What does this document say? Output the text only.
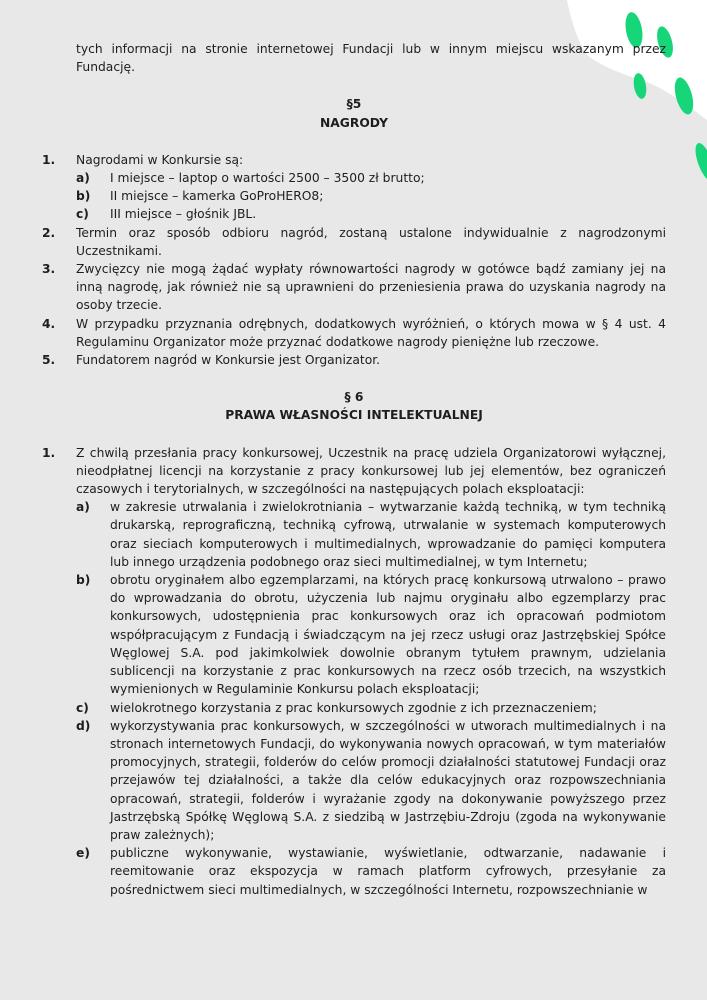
tych informacji na stronie internetowej Fundacji lub w innym miejscu wskazanym przez Fundację.

§5

NAGRODY

1. Nagrodami w Konkursie są:
a) I miejsce – laptop o wartości 2500 – 3500 zł brutto;
b) II miejsce – kamerka GoProHERO8;
c) III miejsce – głośnik JBL.
2. Termin oraz sposób odbioru nagród, zostaną ustalone indywidualnie z nagrodzonymi Uczestnikami.
3. Zwycięzcy nie mogą żądać wypłaty równowartości nagrody w gotówce bądź zamiany jej na inną nagrodę, jak również nie są uprawnieni do przeniesienia prawa do uzyskania nagrody na osoby trzecie.
4. W przypadku przyznania odrębnych, dodatkowych wyróżnień, o których mowa w § 4 ust. 4 Regulaminu Organizator może przyznać dodatkowe nagrody pieniężne lub rzeczowe.
5. Fundatorem nagród w Konkursie jest Organizator.

§ 6

PRAWA WŁASNOŚCI INTELEKTUALNEJ

1. Z chwilą przesłania pracy konkursowej, Uczestnik na pracę udziela Organizatorowi wyłącznej, nieodpłatnej licencji na korzystanie z pracy konkursowej lub jej elementów, bez ograniczeń czasowych i terytorialnych, w szczególności na następujących polach eksploatacji:
a) w zakresie utrwalania i zwielokrotniania – wytwarzanie każdą techniką, w tym techniką drukarską, reprograficzną, techniką cyfrową, utrwalanie w systemach komputerowych oraz sieciach komputerowych i multimedialnych, wprowadzanie do pamięci komputera lub innego urządzenia podobnego oraz sieci multimedialnej, w tym Internetu;
b) obrotu oryginałem albo egzemplarzami, na których pracę konkursową utrwalono – prawo do wprowadzania do obrotu, użyczenia lub najmu oryginału albo egzemplarzy prac konkursowych, udostępnienia prac konkursowych oraz ich opracowań podmiotom współpracującym z Fundacją i świadczącym na jej rzecz usługi oraz Jastrzębskiej Spółce Węglowej S.A. pod jakimkolwiek dowolnie obranym tytułem prawnym, udzielania sublicencji na korzystanie z prac konkursowych na rzecz osób trzecich, na wszystkich wymienionych w Regulaminie Konkursu polach eksploatacji;
c) wielokrotnego korzystania z prac konkursowych zgodnie z ich przeznaczeniem;
d) wykorzystywania prac konkursowych, w szczególności w utworach multimedialnych i na stronach internetowych Fundacji, do wykonywania nowych opracowań, w tym materiałów promocyjnych, strategii, folderów do celów promocji działalności statutowej Fundacji oraz przejawów tej działalności, a także dla celów edukacyjnych oraz rozpowszechniania opracowań, strategii, folderów i wyrażanie zgody na dokonywanie powyższego przez Jastrzębską Spółkę Węglową S.A. z siedzibą w Jastrzębiu-Zdroju (zgoda na wykonywanie praw zależnych);
e) publiczne wykonywanie, wystawianie, wyświetlanie, odtwarzanie, nadawanie i reemitowanie oraz ekspozycja w ramach platform cyfrowych, przesyłanie za pośrednictwem sieci multimedialnych, w szczególności Internetu, rozpowszechnianie w
